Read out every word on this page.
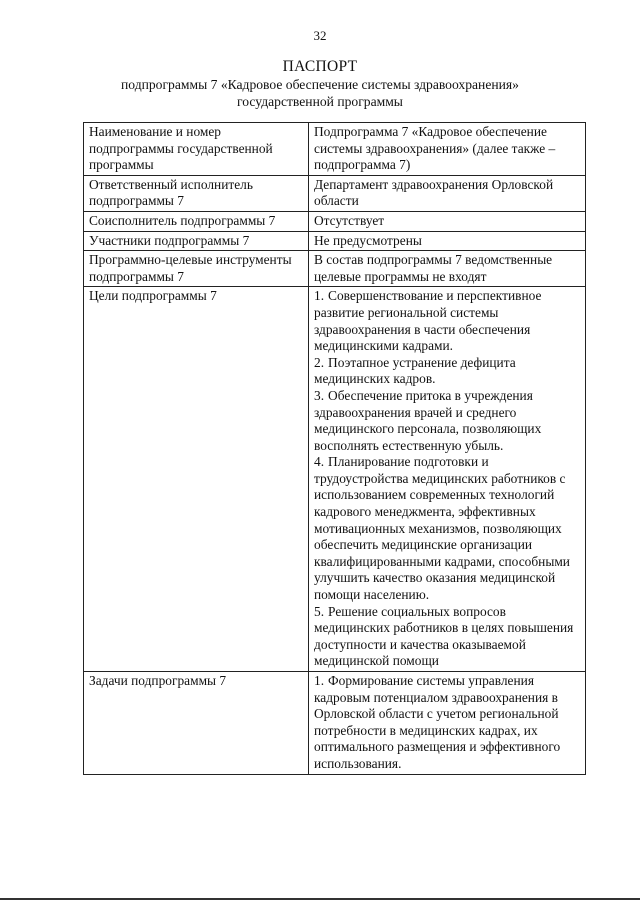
32
ПАСПОРТ
подпрограммы 7 «Кадровое обеспечение системы здравоохранения»
государственной программы
Наименование и номер подпрограммы государственной программы	Подпрограмма 7 «Кадровое обеспечение системы здравоохранения» (далее также – подпрограмма 7)
Ответственный исполнитель подпрограммы 7	Департамент здравоохранения Орловской области
Соисполнитель подпрограммы 7	Отсутствует
Участники подпрограммы 7	Не предусмотрены
Программно-целевые инструменты подпрограммы 7	В состав подпрограммы 7 ведомственные целевые программы не входят
Цели подпрограммы 7	1. Совершенствование и перспективное развитие региональной системы здравоохранения в части обеспечения медицинскими кадрами.
2. Поэтапное устранение дефицита медицинских кадров.
3. Обеспечение притока в учреждения здравоохранения врачей и среднего медицинского персонала, позволяющих восполнять естественную убыль.
4. Планирование подготовки и трудоустройства медицинских работников с использованием современных технологий кадрового менеджмента, эффективных мотивационных механизмов, позволяющих обеспечить медицинские организации квалифицированными кадрами, способными улучшить качество оказания медицинской помощи населению.
5. Решение социальных вопросов медицинских работников в целях повышения доступности и качества оказываемой медицинской помощи

Задачи подпрограммы 7	1. Формирование системы управления кадровым потенциалом здравоохранения в Орловской области с учетом региональной потребности в медицинских кадрах, их оптимального размещения и эффективного использования.
